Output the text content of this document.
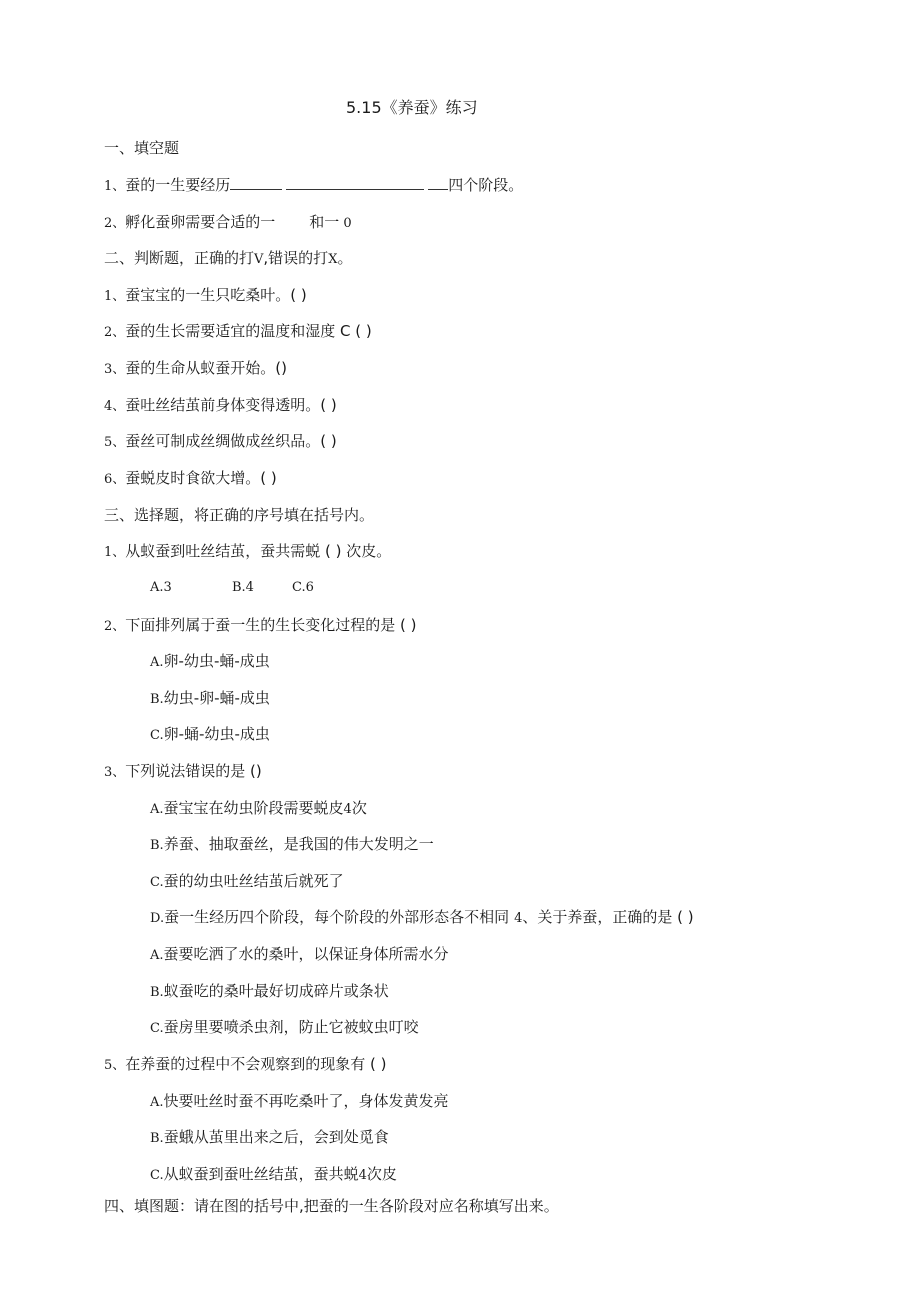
5.15《养蚕》练习
一、填空题
1、蚕的一生要经历	四个阶段。
2、孵化蚕卵需要合适的一 和一 0
二、判断题，正确的打V,错误的打X。
1、蚕宝宝的一生只吃桑叶。( )
2、蚕的生长需要适宜的温度和湿度 C ( )
3、蚕的生命从蚁蚕开始。()
4、蚕吐丝结茧前身体变得透明。( )
5、蚕丝可制成丝绸做成丝织品。( )
6、蚕蜕皮时食欲大增。( )
三、选择题，将正确的序号填在括号内。
1、从蚁蚕到吐丝结茧，蚕共需蜕 ( ) 次皮。
A.3	B.4	C.6
2、下面排列属于蚕一生的生长变化过程的是 ( )
A.卵-幼虫-蛹-成虫
B.幼虫-卵-蛹-成虫
C.卵-蛹-幼虫-成虫
3、下列说法错误的是 ()
A.蚕宝宝在幼虫阶段需要蜕皮4次
B.养蚕、抽取蚕丝，是我国的伟大发明之一
C.蚕的幼虫吐丝结茧后就死了
D.蚕一生经历四个阶段，每个阶段的外部形态各不相同 4、关于养蚕，正确的是 ( )
A.蚕要吃洒了水的桑叶，以保证身体所需水分
B.蚁蚕吃的桑叶最好切成碎片或条状
C.蚕房里要喷杀虫剂，防止它被蚊虫叮咬
5、在养蚕的过程中不会观察到的现象有 ( )
A.快要吐丝时蚕不再吃桑叶了，身体发黄发亮
B.蚕蛾从茧里出来之后，会到处觅食
C.从蚁蚕到蚕吐丝结茧，蚕共蜕4次皮
四、填图题：请在图的括号中,把蚕的一生各阶段对应名称填写出来。
